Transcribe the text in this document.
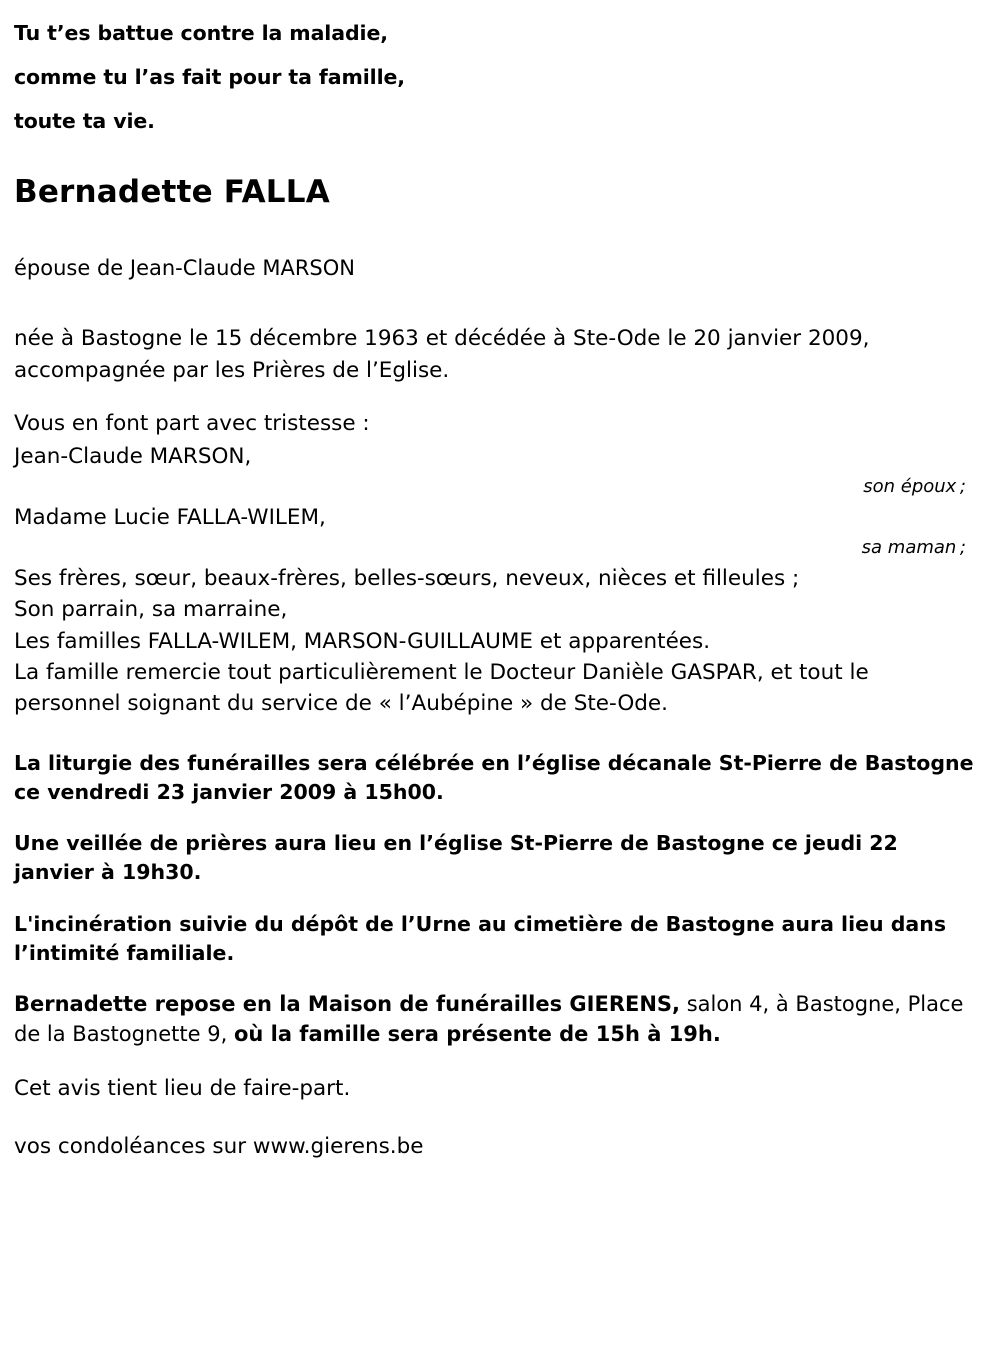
Tu t’es battue contre la maladie,
comme tu l’as fait pour ta famille,
toute ta vie.
Bernadette FALLA

épouse de Jean-Claude MARSON

née à Bastogne le 15 décembre 1963 et décédée à Ste-Ode le 20 janvier 2009, accompagnée par les Prières de l’Eglise.

Vous en font part avec tristesse :

Jean-Claude MARSON,
son époux ;
Madame Lucie FALLA-WILEM,
sa maman ;
Ses frères, sœur, beaux-frères, belles-sœurs, neveux, nièces et filleules ;
Son parrain, sa marraine,
Les familles FALLA-WILEM, MARSON-GUILLAUME et apparentées.

La famille remercie tout particulièrement le Docteur Danièle GASPAR, et tout le personnel soignant du service de « l’Aubépine » de Ste-Ode.

La liturgie des funérailles sera célébrée en l’église décanale St-Pierre de Bastogne ce vendredi 23 janvier 2009 à 15h00.

Une veillée de prières aura lieu en l’église St-Pierre de Bastogne ce jeudi 22 janvier à 19h30.

L'incinération suivie du dépôt de l’Urne au cimetière de Bastogne aura lieu dans l’intimité familiale.

Bernadette repose en la Maison de funérailles GIERENS, salon 4, à Bastogne, Place de la Bastognette 9, où la famille sera présente de 15h à 19h.

Cet avis tient lieu de faire-part.

vos condoléances sur www.gierens.be
